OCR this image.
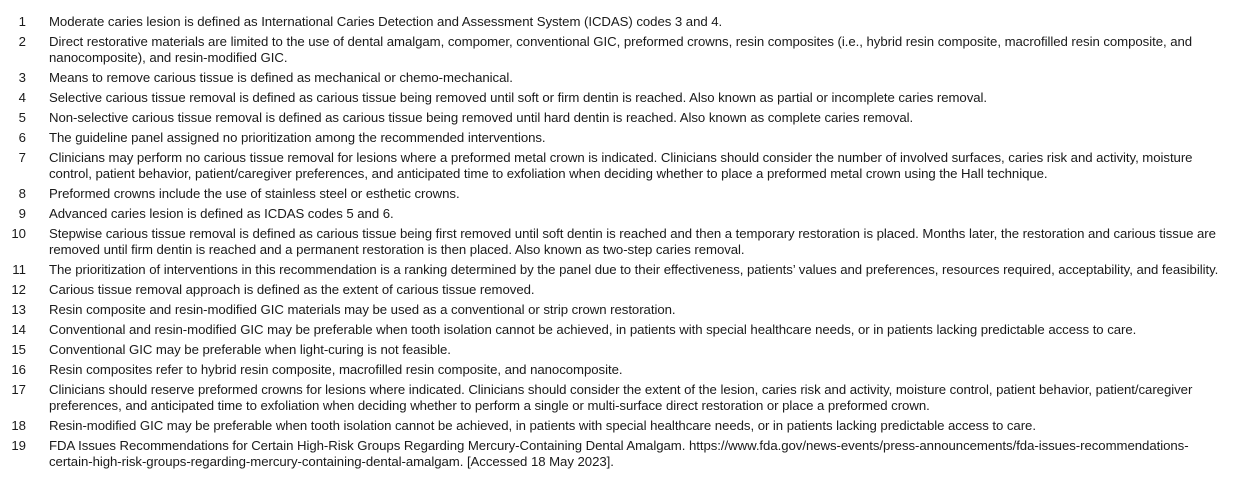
1 Moderate caries lesion is defined as International Caries Detection and Assessment System (ICDAS) codes 3 and 4.
2 Direct restorative materials are limited to the use of dental amalgam, compomer, conventional GIC, preformed crowns, resin composites (i.e., hybrid resin composite, macrofilled resin composite, and nanocomposite), and resin-modified GIC.
3 Means to remove carious tissue is defined as mechanical or chemo-mechanical.
4 Selective carious tissue removal is defined as carious tissue being removed until soft or firm dentin is reached. Also known as partial or incomplete caries removal.
5 Non-selective carious tissue removal is defined as carious tissue being removed until hard dentin is reached. Also known as complete caries removal.
6 The guideline panel assigned no prioritization among the recommended interventions.
7 Clinicians may perform no carious tissue removal for lesions where a preformed metal crown is indicated. Clinicians should consider the number of involved surfaces, caries risk and activity, moisture control, patient behavior, patient/caregiver preferences, and anticipated time to exfoliation when deciding whether to place a preformed metal crown using the Hall technique.
8 Preformed crowns include the use of stainless steel or esthetic crowns.
9 Advanced caries lesion is defined as ICDAS codes 5 and 6.
10 Stepwise carious tissue removal is defined as carious tissue being first removed until soft dentin is reached and then a temporary restoration is placed. Months later, the restoration and carious tissue are removed until firm dentin is reached and a permanent restoration is then placed. Also known as two-step caries removal.
11 The prioritization of interventions in this recommendation is a ranking determined by the panel due to their effectiveness, patients’ values and preferences, resources required, acceptability, and feasibility.
12 Carious tissue removal approach is defined as the extent of carious tissue removed.
13 Resin composite and resin-modified GIC materials may be used as a conventional or strip crown restoration.
14 Conventional and resin-modified GIC may be preferable when tooth isolation cannot be achieved, in patients with special healthcare needs, or in patients lacking predictable access to care.
15 Conventional GIC may be preferable when light-curing is not feasible.
16 Resin composites refer to hybrid resin composite, macrofilled resin composite, and nanocomposite.
17 Clinicians should reserve preformed crowns for lesions where indicated. Clinicians should consider the extent of the lesion, caries risk and activity, moisture control, patient behavior, patient/caregiver preferences, and anticipated time to exfoliation when deciding whether to perform a single or multi-surface direct restoration or place a preformed crown.
18 Resin-modified GIC may be preferable when tooth isolation cannot be achieved, in patients with special healthcare needs, or in patients lacking predictable access to care.
19 FDA Issues Recommendations for Certain High-Risk Groups Regarding Mercury-Containing Dental Amalgam. https://www.fda.gov/news-events/press-announcements/fda-issues-recommendations-certain-high-risk-groups-regarding-mercury-containing-dental-amalgam. [Accessed 18 May 2023].
